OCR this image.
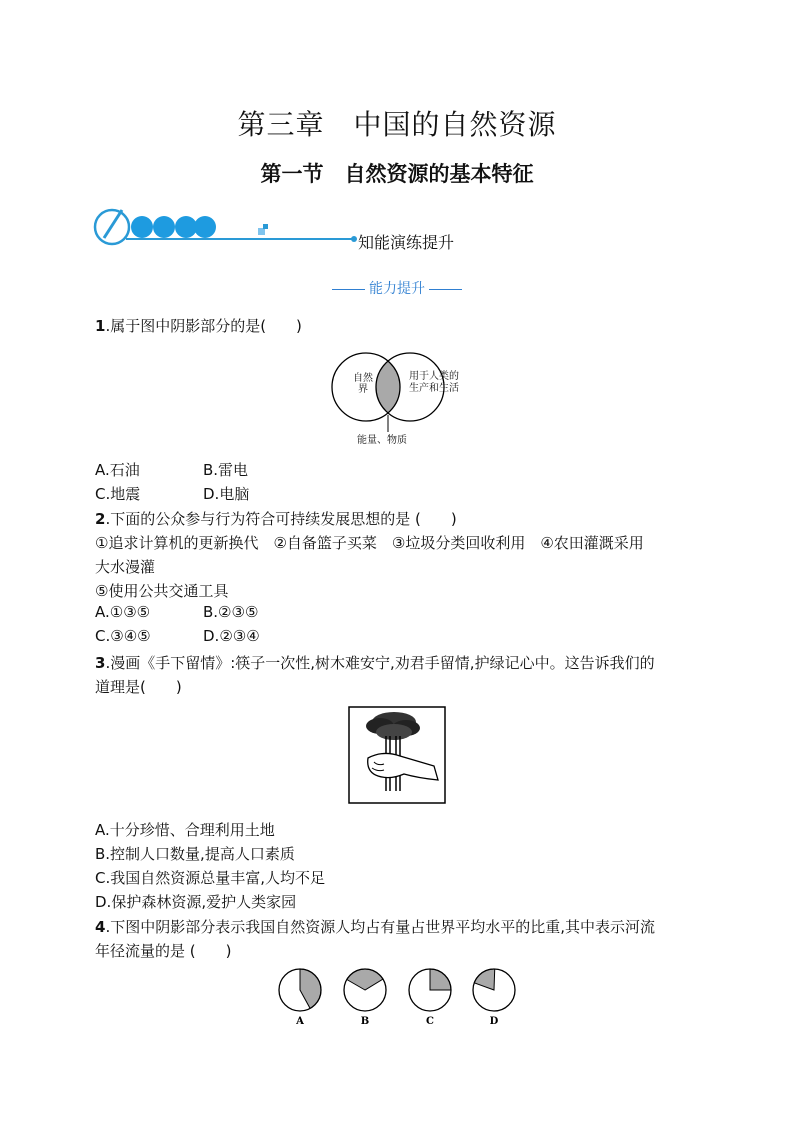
第三章　中国的自然资源
第一节　自然资源的基本特征
知能演练提升
能力提升
1.属于图中阴影部分的是(　　)
自然界
用于人类的生产和生活
能量、物质
A.石油	B.雷电
C.地震	D.电脑
2.下面的公众参与行为符合可持续发展思想的是 (　　)
①追求计算机的更新换代　②自备篮子买菜　③垃圾分类回收利用　④农田灌溉采用
大水漫灌
⑤使用公共交通工具
A.①③⑤	B.②③⑤
C.③④⑤	D.②③④
3.漫画《手下留情》:筷子一次性,树木难安宁,劝君手留情,护绿记心中。这告诉我们的
道理是(　　)
A.十分珍惜、合理利用土地
B.控制人口数量,提高人口素质
C.我国自然资源总量丰富,人均不足
D.保护森林资源,爱护人类家园
4.下图中阴影部分表示我国自然资源人均占有量占世界平均水平的比重,其中表示河流
年径流量的是 (　　)
A	B	C	D
